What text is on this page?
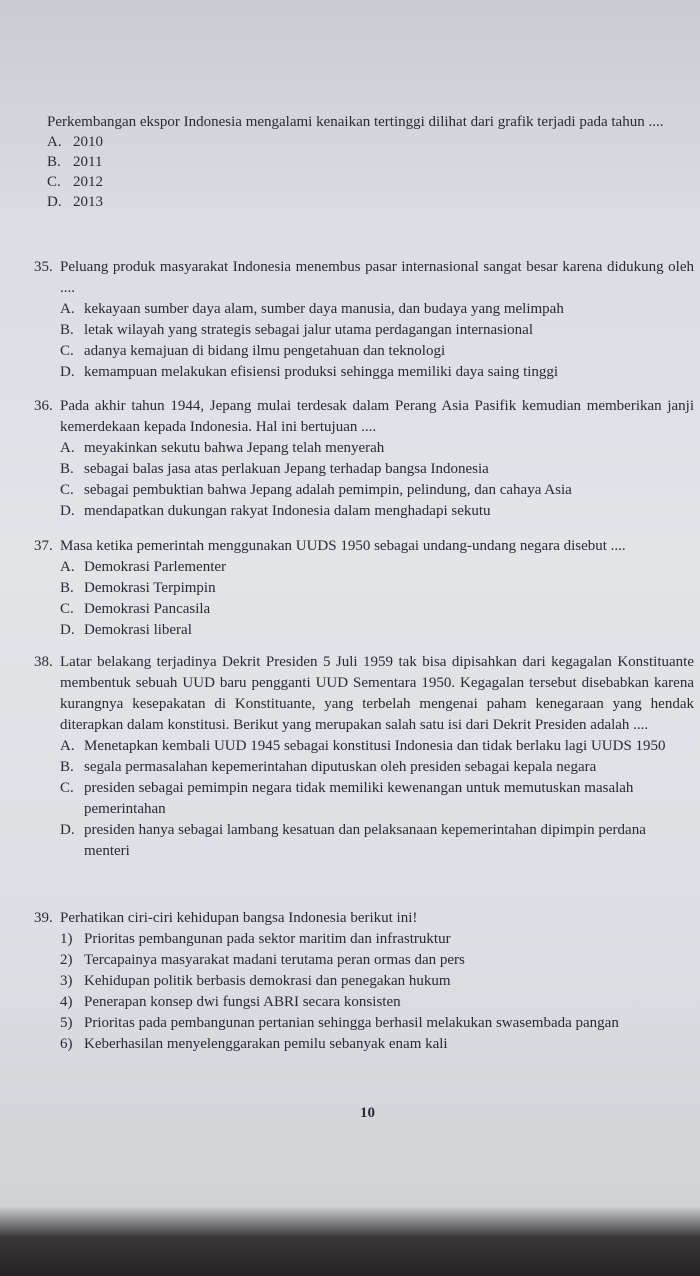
Perkembangan ekspor Indonesia mengalami kenaikan tertinggi dilihat dari grafik terjadi pada tahun ....
A. 2010
B. 2011
C. 2012
D. 2013
35. Peluang produk masyarakat Indonesia menembus pasar internasional sangat besar karena didukung oleh ....
A. kekayaan sumber daya alam, sumber daya manusia, dan budaya yang melimpah
B. letak wilayah yang strategis sebagai jalur utama perdagangan internasional
C. adanya kemajuan di bidang ilmu pengetahuan dan teknologi
D. kemampuan melakukan efisiensi produksi sehingga memiliki daya saing tinggi
36. Pada akhir tahun 1944, Jepang mulai terdesak dalam Perang Asia Pasifik kemudian memberikan janji kemerdekaan kepada Indonesia. Hal ini bertujuan ....
A. meyakinkan sekutu bahwa Jepang telah menyerah
B. sebagai balas jasa atas perlakuan Jepang terhadap bangsa Indonesia
C. sebagai pembuktian bahwa Jepang adalah pemimpin, pelindung, dan cahaya Asia
D. mendapatkan dukungan rakyat Indonesia dalam menghadapi sekutu
37. Masa ketika pemerintah menggunakan UUDS 1950 sebagai undang-undang negara disebut ....
A. Demokrasi Parlementer
B. Demokrasi Terpimpin
C. Demokrasi Pancasila
D. Demokrasi liberal
38. Latar belakang terjadinya Dekrit Presiden 5 Juli 1959 tak bisa dipisahkan dari kegagalan Konstituante membentuk sebuah UUD baru pengganti UUD Sementara 1950. Kegagalan tersebut disebabkan karena kurangnya kesepakatan di Konstituante, yang terbelah mengenai paham kenegaraan yang hendak diterapkan dalam konstitusi. Berikut yang merupakan salah satu isi dari Dekrit Presiden adalah ....
A. Menetapkan kembali UUD 1945 sebagai konstitusi Indonesia dan tidak berlaku lagi UUDS 1950
B. segala permasalahan kepemerintahan diputuskan oleh presiden sebagai kepala negara
C. presiden sebagai pemimpin negara tidak memiliki kewenangan untuk memutuskan masalah pemerintahan
D. presiden hanya sebagai lambang kesatuan dan pelaksanaan kepemerintahan dipimpin perdana menteri
39. Perhatikan ciri-ciri kehidupan bangsa Indonesia berikut ini!
1) Prioritas pembangunan pada sektor maritim dan infrastruktur
2) Tercapainya masyarakat madani terutama peran ormas dan pers
3) Kehidupan politik berbasis demokrasi dan penegakan hukum
4) Penerapan konsep dwi fungsi ABRI secara konsisten
5) Prioritas pada pembangunan pertanian sehingga berhasil melakukan swasembada pangan
6) Keberhasilan menyelenggarakan pemilu sebanyak enam kali
10
